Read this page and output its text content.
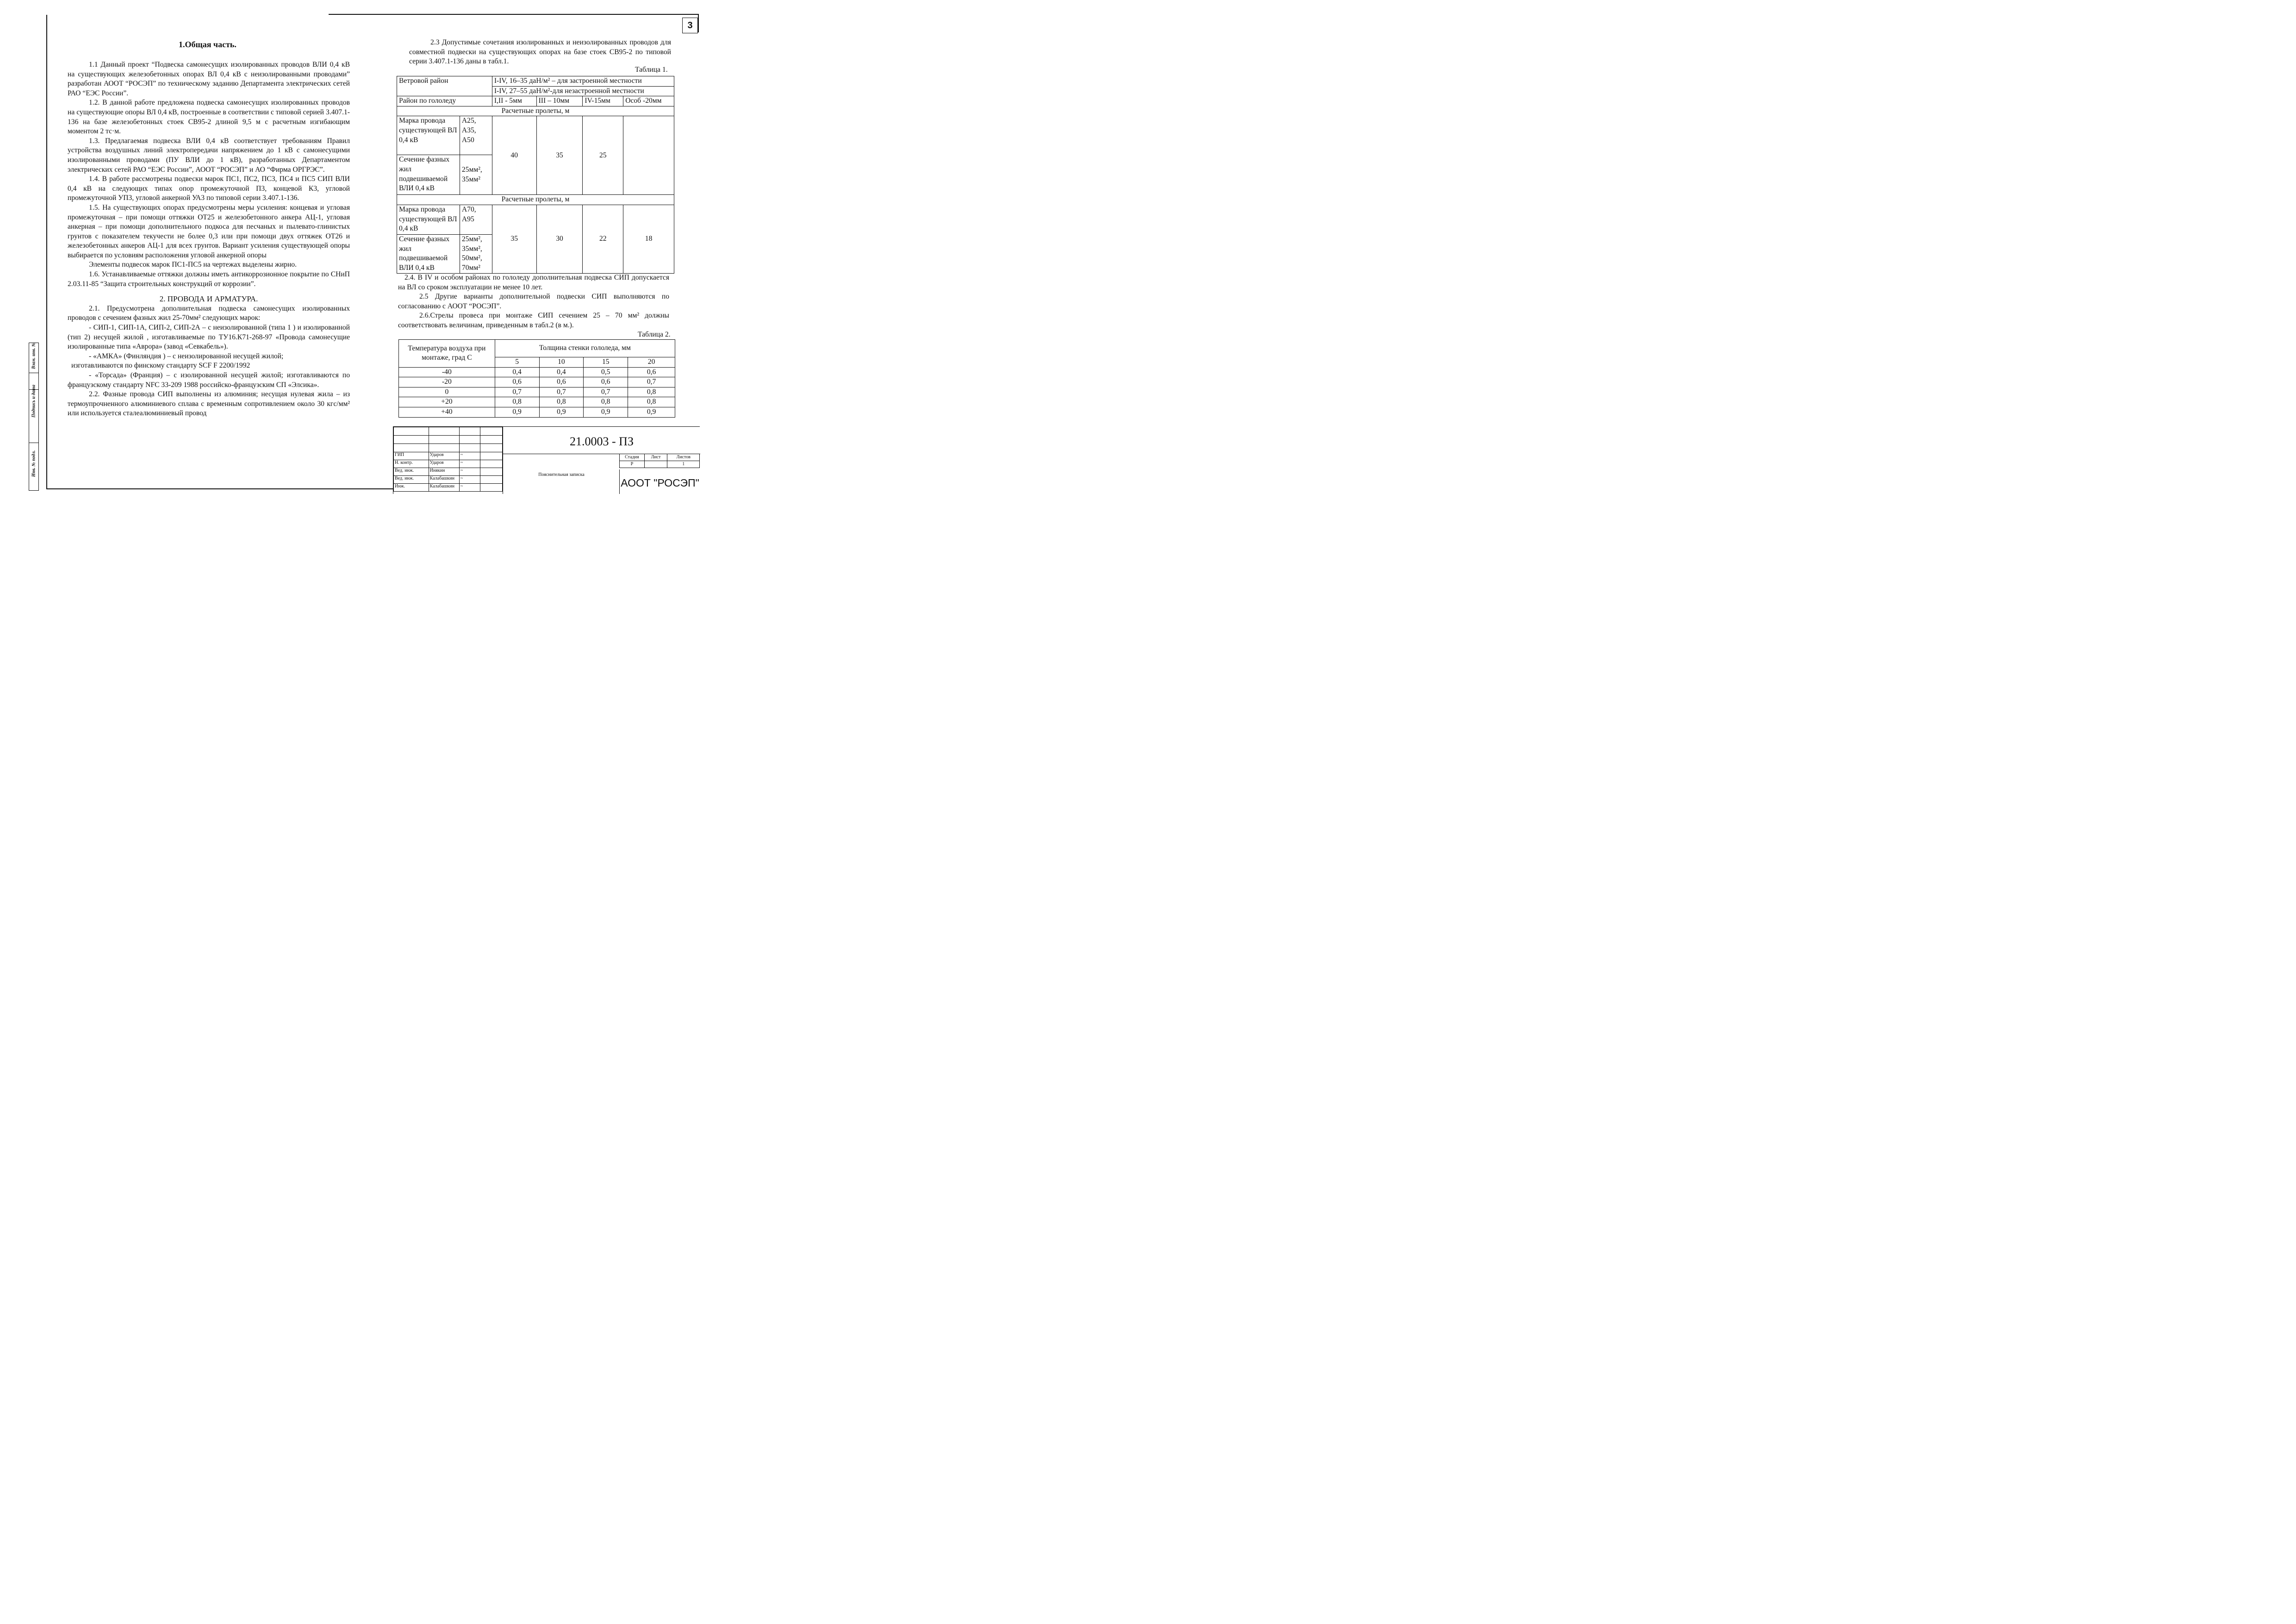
3
Взам. инв. №
Подпись и дата
Инв. № подл.
1.Общая часть.

1.1 Данный проект “Подвеска самонесущих изолированных проводов ВЛИ 0,4 кВ на существующих железобетонных опорах ВЛ 0,4 кВ с неизолированными проводами” разработан АООТ “РОСЭП” по техническому заданию Департамента электрических сетей РАО “ЕЭС России”.

1.2. В данной работе предложена подвеска самонесущих изолированных проводов на существующие опоры ВЛ 0,4 кВ, построенные в соответствии с типовой серией 3.407.1-136 на базе железобетонных стоек СВ95-2 длиной 9,5 м с расчетным изгибающим моментом 2 тс·м.

1.3. Предлагаемая подвеска ВЛИ 0,4 кВ соответствует требованиям Правил устройства воздушных линий электропередачи напряжением до 1 кВ с самонесущими изолированными проводами (ПУ ВЛИ до 1 кВ), разработанных Департаментом электрических сетей РАО “ЕЭС России”, АООТ “РОСЭП” и АО “Фирма ОРГРЭС”.

1.4. В работе рассмотрены подвески марок ПС1, ПС2, ПС3, ПС4 и ПС5 СИП ВЛИ 0,4 кВ на следующих типах опор промежуточной П3, концевой К3, угловой промежуточной УП3, угловой анкерной УА3 по типовой серии 3.407.1-136.

1.5. На существующих опорах предусмотрены меры усиления: концевая и угловая промежуточная – при помощи оттяжки ОТ25 и железобетонного анкера АЦ-1, угловая анкерная – при помощи дополнительного подкоса для песчаных и пылевато-глинистых грунтов с показателем текучести не более 0,3 или при помощи двух оттяжек ОТ26 и железобетонных анкеров АЦ-1 для всех грунтов. Вариант усиления существующей опоры выбирается по условиям расположения угловой анкерной опоры

Элементы подвесок марок ПС1-ПС5 на чертежах выделены жирно.

1.6. Устанавливаемые оттяжки должны иметь антикоррозионное покрытие по СНиП 2.03.11-85 “Защита строительных конструкций от коррозии”.

2. ПРОВОДА И АРМАТУРА.

2.1. Предусмотрена дополнительная подвеска самонесущих изолированных проводов с сечением фазных жил 25-70мм² следующих марок:

- СИП-1, СИП-1А, СИП-2, СИП-2А – с неизолированной (типа 1 ) и изолированной (тип 2) несущей жилой , изготавливаемые по ТУ16.К71-268-97 «Провода самонесущие изолированные типа «Аврора» (завод «Севкабель»).

- «АМКА» (Финляндия ) – с неизолированной несущей жилой;

изготавливаются по финскому стандарту SCF F 2200/1992

- «Торсада» (Франция) – с изолированной несущей жилой; изготавливаются по французскому стандарту NFC 33-209 1988 российско-французским СП «Элсика».

2.2. Фазные провода СИП выполнены из алюминия; несущая нулевая жила – из термоупрочненного алюминиевого сплава с временным сопротивлением около 30 кгс/мм² или используется сталеалюминиевый провод

2.3 Допустимые сочетания изолированных и неизолированных проводов для совместной подвески на существующих опорах на базе стоек СВ95-2 по типовой серии 3.407.1-136 даны в табл.1.
Таблица 1.
Ветровой район		I-IV, 16–35 даН/м² – для застроенной местности			
		I-IV, 27–55 даН/м²-для незастроенной местности			
Район по гололеду		I,II - 5мм	III – 10мм	IV-15мм	Особ -20мм
Расчетные пролеты, м					
Марка провода существующей ВЛ 0,4 кВ	А25, А35, А50	40	35	25	
Сечение фазных жил подвешиваемой ВЛИ 0,4 кВ	25мм², 35мм²				
Расчетные пролеты, м					
Марка провода существующей ВЛ 0,4 кВ	А70, А95	35	30	22	18
Сечение фазных жил подвешиваемой ВЛИ 0,4 кВ	25мм², 35мм², 50мм², 70мм²				

2.4. В IV и особом районах по гололеду дополнительная подвеска СИП допускается на ВЛ со сроком эксплуатации не менее 10 лет.

2.5 Другие варианты дополнительной подвески СИП выполняются по согласованию с АООТ “РОСЭП”.

2.6.Стрелы провеса при монтаже СИП сечением 25 – 70 мм² должны соответствовать величинам, приведенным в табл.2 (в м.).

Таблица 2.
Температура воздуха при монтаже, град С	Толщина стенки гололеда, мм			
	5	10	15	20
-40	0,4	0,4	0,5	0,6
-20	0,6	0,6	0,6	0,7
0	0,7	0,7	0,7	0,8
+20	0,8	0,8	0,8	0,8
+40	0,9	0,9	0,9	0,9

ГИП	Ударов	~	
Н. контр.	Ударов	~	
Вед. инж.	Инякин	~	
Вед. инж.	Калабашкин	~	
Инж.	Калабашкин	~	
21.0003 - ПЗ
Пояснительная записка
Стадия	Лист	Листов
Р		1
АООТ "РОСЭП"
